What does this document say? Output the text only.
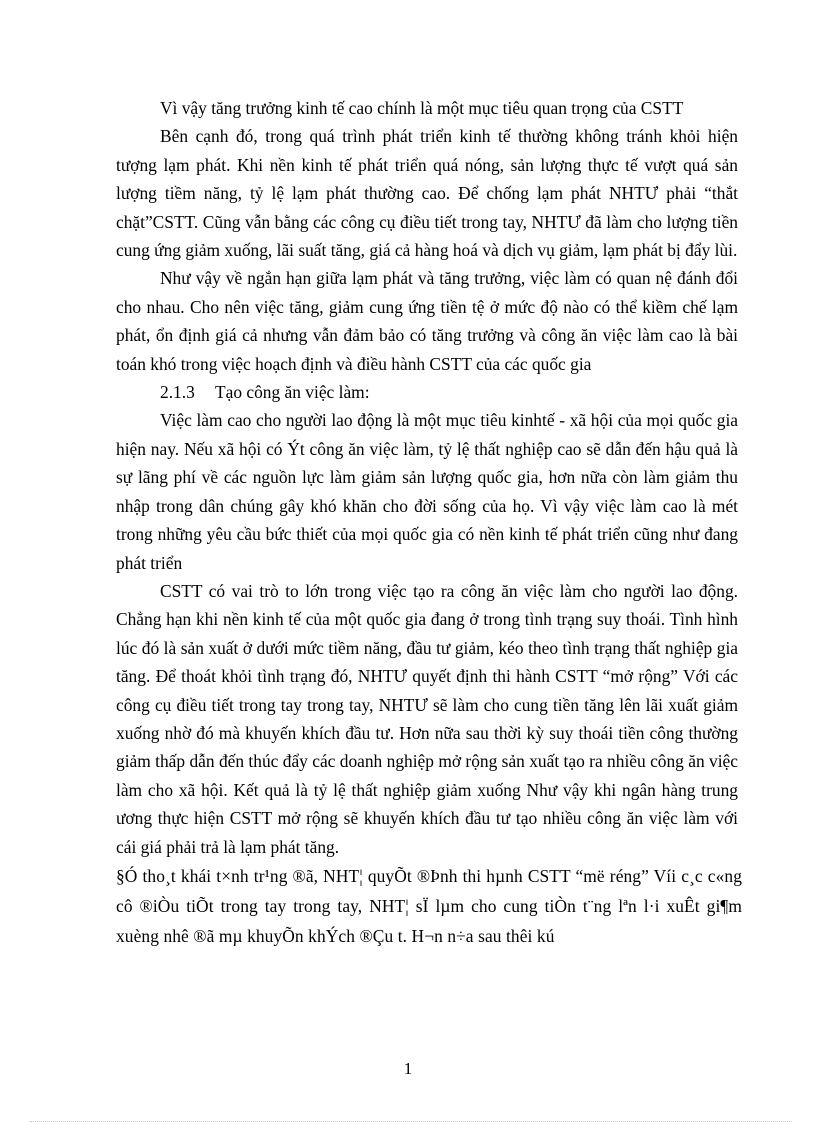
Vì vậy tăng trưởng kinh tế cao chính là một mục tiêu quan trọng của CSTT

Bên cạnh đó, trong quá trình phát triển kinh tế thường không tránh khỏi hiện tượng lạm phát. Khi nền kinh tế phát triển quá nóng, sản lượng thực tế vượt quá sản lượng tiềm năng, tỷ lệ lạm phát thường cao. Để chống lạm phát NHTƯ phải “thắt chặt”CSTT. Cũng vẫn bằng các công cụ điều tiết trong tay, NHTƯ đã làm cho lượng tiền cung ứng giảm xuống, lãi suất tăng, giá cả hàng hoá và dịch vụ giảm, lạm phát bị đẩy lùi.

Như vậy về ngắn hạn giữa lạm phát và tăng trưởng, việc làm có quan nệ đánh đổi cho nhau. Cho nên việc tăng, giảm cung ứng tiền tệ ở mức độ nào có thể kiềm chế lạm phát, ổn định giá cả nhưng vẫn đảm bảo có tăng trưởng và công ăn việc làm cao là bài toán khó trong việc hoạch định và điều hành CSTT của các quốc gia

2.1.3 Tạo công ăn việc làm:

Việc làm cao cho người lao động là một mục tiêu kinhtế - xã hội của mọi quốc gia hiện nay. Nếu xã hội có Ýt công ăn việc làm, tỷ lệ thất nghiệp cao sẽ dẫn đến hậu quả là sự lãng phí về các nguồn lực làm giảm sản lượng quốc gia, hơn nữa còn làm giảm thu nhập trong dân chúng gây khó khăn cho đời sống của họ. Vì vậy việc làm cao là mét trong những yêu cầu bức thiết của mọi quốc gia có nền kinh tế phát triển cũng như đang phát triển

CSTT có vai trò to lớn trong việc tạo ra công ăn việc làm cho người lao động. Chẳng hạn khi nền kinh tế của một quốc gia đang ở trong tình trạng suy thoái. Tình hình lúc đó là sản xuất ở dưới mức tiềm năng, đầu tư giảm, kéo theo tình trạng thất nghiệp gia tăng. Để thoát khỏi tình trạng đó, NHTƯ quyết định thi hành CSTT “mở rộng” Với các công cụ điều tiết trong tay trong tay, NHTƯ sẽ làm cho cung tiền tăng lên lãi xuất giảm xuống nhờ đó mà khuyến khích đầu tư. Hơn nữa sau thời kỳ suy thoái tiền công thường giảm thấp dẫn đến thúc đẩy các doanh nghiệp mở rộng sản xuất tạo ra nhiều công ăn việc làm cho xã hội. Kết quả là tỷ lệ thất nghiệp giảm xuống Như vậy khi ngân hàng trung ương thực hiện CSTT mở rộng sẽ khuyến khích đầu tư tạo nhiều công ăn việc làm với cái giá phải trả là lạm phát tăng.

§Ó tho¸t khái t×nh tr¹ng ®ã, NHT¦ quyÕt ®Þnh thi hµnh CSTT “më réng” Víi c¸c c«ng cô ®iÒu tiÕt trong tay trong tay, NHT¦ sÏ lµm cho cung tiÒn t¨ng lªn l·i xuÊt gi¶m xuèng nhê ®ã mµ khuyÕn khÝch ®Çu t. H¬n n÷a sau thêi kú

1
